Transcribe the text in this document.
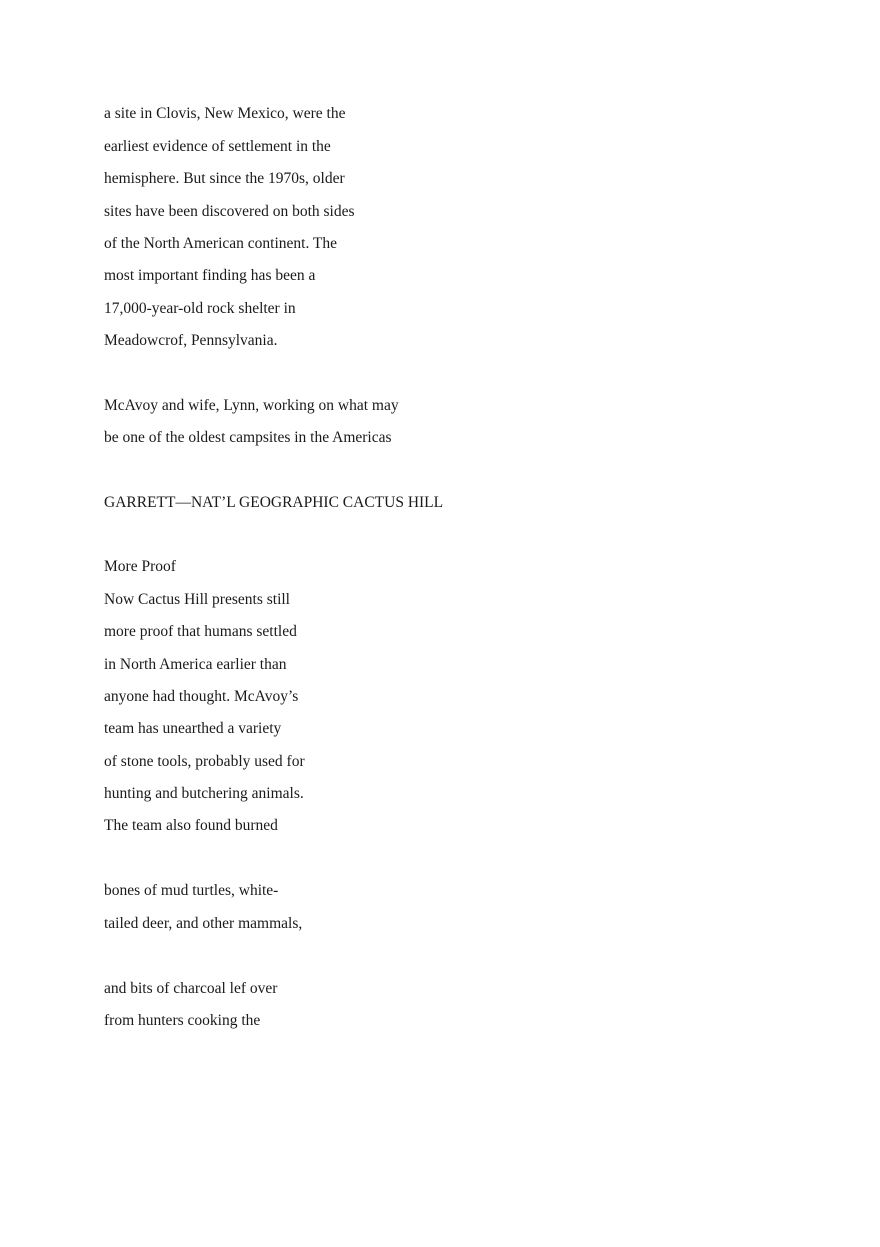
a site in Clovis, New Mexico, were the
earliest evidence of settlement in the
hemisphere. But since the 1970s, older
sites have been discovered on both sides
of the North American continent. The
most important finding has been a
17,000-year-old rock shelter in
Meadowcrof, Pennsylvania.
McAvoy and wife, Lynn, working on what may
be one of the oldest campsites in the Americas
GARRETT—NAT’L GEOGRAPHIC CACTUS HILL
More Proof
Now Cactus Hill presents still
more proof that humans settled
in North America earlier than
anyone had thought. McAvoy’s
team has unearthed a variety
of stone tools, probably used for
hunting and butchering animals.
The team also found burned
bones of mud turtles, white-
tailed deer, and other mammals,
and bits of charcoal lef over
from hunters cooking the
